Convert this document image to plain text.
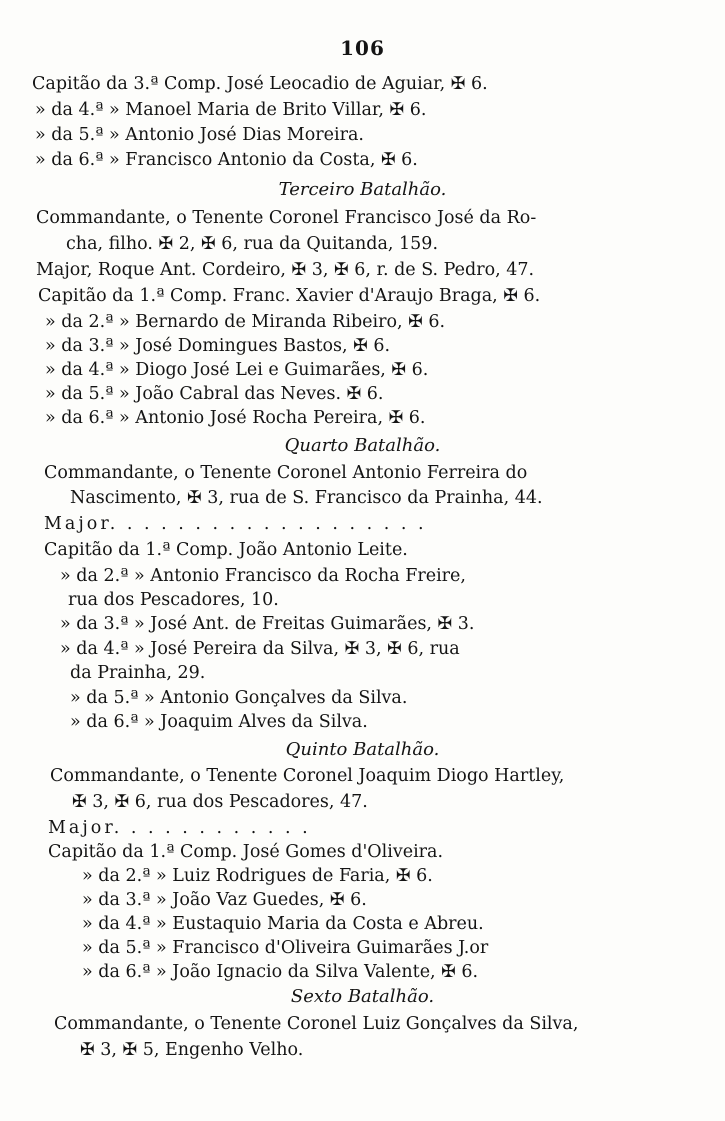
106
Capitão da 3.ª Comp. José Leocadio de Aguiar, ✠ 6.
» da 4.ª » Manoel Maria de Brito Villar, ✠ 6.
» da 5.ª » Antonio José Dias Moreira.
» da 6.ª » Francisco Antonio da Costa, ✠ 6.
Terceiro Batalhão.
Commandante, o Tenente Coronel Francisco José da Ro-
cha, filho. ✠ 2, ✠ 6, rua da Quitanda, 159.
Major, Roque Ant. Cordeiro, ✠ 3, ✠ 6, r. de S. Pedro, 47.
Capitão da 1.ª Comp. Franc. Xavier d'Araujo Braga, ✠ 6.
» da 2.ª » Bernardo de Miranda Ribeiro, ✠ 6.
» da 3.ª » José Domingues Bastos, ✠ 6.
» da 4.ª » Diogo José Lei e Guimarães, ✠ 6.
» da 5.ª » João Cabral das Neves. ✠ 6.
» da 6.ª » Antonio José Rocha Pereira, ✠ 6.
Quarto Batalhão.
Commandante, o Tenente Coronel Antonio Ferreira do
Nascimento, ✠ 3, rua de S. Francisco da Prainha, 44.
Major. . . . . . . . . . . . . . . . . . .
Capitão da 1.ª Comp. João Antonio Leite.
» da 2.ª » Antonio Francisco da Rocha Freire,
rua dos Pescadores, 10.
» da 3.ª » José Ant. de Freitas Guimarães, ✠ 3.
» da 4.ª » José Pereira da Silva, ✠ 3, ✠ 6, rua
da Prainha, 29.
» da 5.ª » Antonio Gonçalves da Silva.
» da 6.ª » Joaquim Alves da Silva.
Quinto Batalhão.
Commandante, o Tenente Coronel Joaquim Diogo Hartley,
✠ 3, ✠ 6, rua dos Pescadores, 47.
Major. . . . . . . . . . . .
Capitão da 1.ª Comp. José Gomes d'Oliveira.
» da 2.ª » Luiz Rodrigues de Faria, ✠ 6.
» da 3.ª » João Vaz Guedes, ✠ 6.
» da 4.ª » Eustaquio Maria da Costa e Abreu.
» da 5.ª » Francisco d'Oliveira Guimarães J.or
» da 6.ª » João Ignacio da Silva Valente, ✠ 6.
Sexto Batalhão.
Commandante, o Tenente Coronel Luiz Gonçalves da Silva,
✠ 3, ✠ 5, Engenho Velho.
